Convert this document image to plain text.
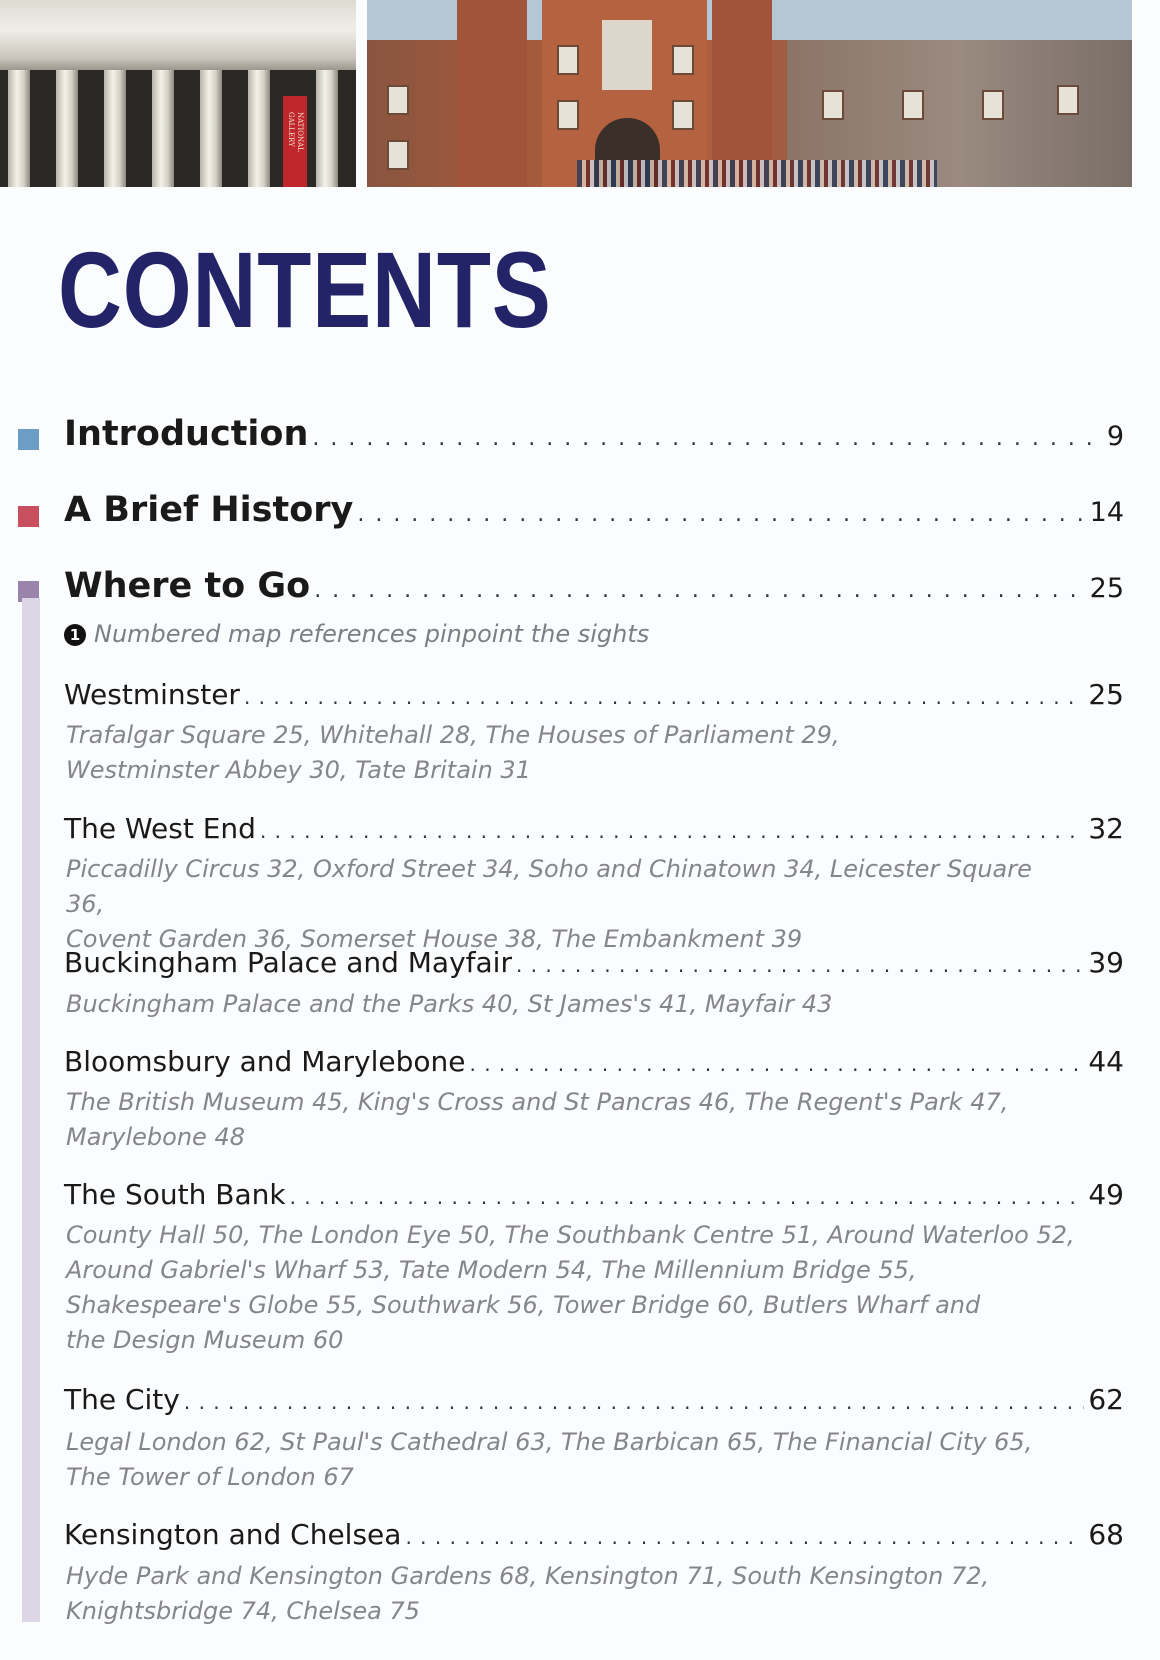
NATIONAL GALLERY
CONTENTS
Introduction . . .	9
A Brief History . . .	14
Where to Go . . .	25
1 Numbered map references pinpoint the sights
Westminster . . .	25

Trafalgar Square 25, Whitehall 28, The Houses of Parliament 29,
Westminster Abbey 30, Tate Britain 31

The West End . . .	32

Piccadilly Circus 32, Oxford Street 34, Soho and Chinatown 34, Leicester Square 36,
Covent Garden 36, Somerset House 38, The Embankment 39

Buckingham Palace and Mayfair . . .	39

Buckingham Palace and the Parks 40, St James's 41, Mayfair 43

Bloomsbury and Marylebone . . .	44

The British Museum 45, King's Cross and St Pancras 46, The Regent's Park 47,
Marylebone 48

The South Bank . . .	49

County Hall 50, The London Eye 50, The Southbank Centre 51, Around Waterloo 52,
Around Gabriel's Wharf 53, Tate Modern 54, The Millennium Bridge 55,
Shakespeare's Globe 55, Southwark 56, Tower Bridge 60, Butlers Wharf and
the Design Museum 60

The City . . .	62

Legal London 62, St Paul's Cathedral 63, The Barbican 65, The Financial City 65,
The Tower of London 67

Kensington and Chelsea . . .	68

Hyde Park and Kensington Gardens 68, Kensington 71, South Kensington 72,
Knightsbridge 74, Chelsea 75
